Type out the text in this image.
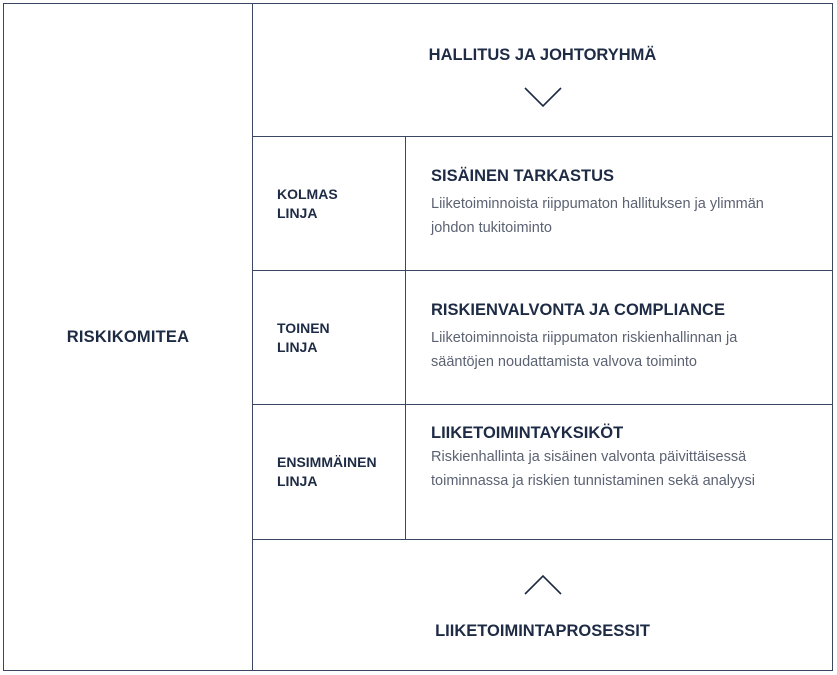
RISKIKOMITEA
HALLITUS JA JOHTORYHMÄ
KOLMAS
LINJA
SISÄINEN TARKASTUS
Liiketoiminnoista riippumaton hallituksen ja ylimmän johdon tukitoiminto
TOINEN
LINJA
RISKIENVALVONTA JA COMPLIANCE
Liiketoiminnoista riippumaton riskienhallinnan ja sääntöjen noudattamista valvova toiminto
ENSIMMÄINEN
LINJA
LIIKETOIMINTAYKSIKÖT
Riskienhallinta ja sisäinen valvonta päivittäisessä toiminnassa ja riskien tunnistaminen sekä analyysi
LIIKETOIMINTAPROSESSIT
